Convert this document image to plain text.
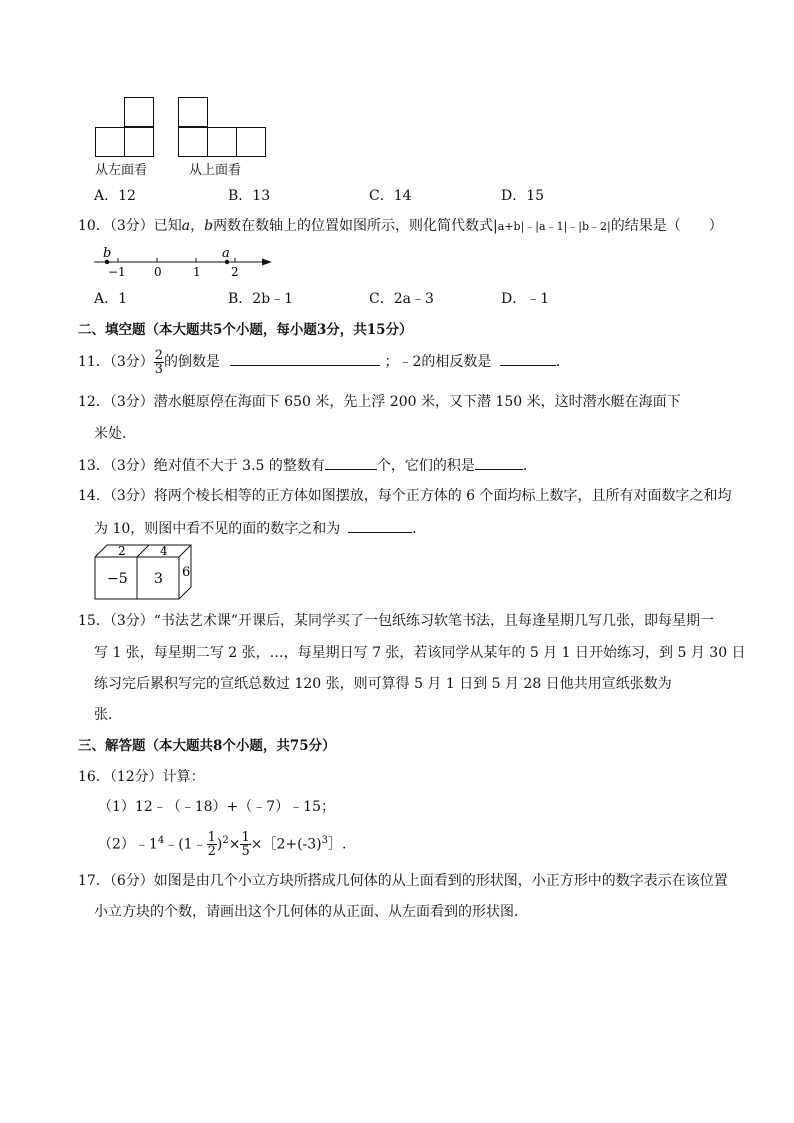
从左面看	从上面看
A．12	B．13	C．14	D．15
10．（3分）已知a，b两数在数轴上的位置如图所示，则化简代数式|a+b|﹣|a﹣1|﹣|b﹣2|的结果是（　　）
b	a
−1 0	1	2
A．1	B．2b﹣1	C．2a﹣3	D．﹣1
二、填空题（本大题共5个小题，每小题3分，共15分）
11．（3分） $\frac{2}{3}$ 的倒数是	；﹣2的相反数是	．
12．（3分）潜水艇原停在海面下 650 米，先上浮 200 米，又下潜 150 米，这时潜水艇在海面下
米处．
13．（3分）绝对值不大于 3.5 的整数有	个，它们的积是	．
14．（3分）将两个棱长相等的正方体如图摆放，每个正方体的 6 个面均标上数字，且所有对面数字之和均
为 10，则图中看不见的面的数字之和为	．
2	4
−5 3 6
15．（3分）“书法艺术课”开课后，某同学买了一包纸练习软笔书法，且每逢星期几写几张，即每星期一
写 1 张，每星期二写 2 张，…，每星期日写 7 张，若该同学从某年的 5 月 1 日开始练习，到 5 月 30 日
练习完后累积写完的宣纸总数过 120 张，则可算得 5 月 1 日到 5 月 28 日他共用宣纸张数为
张．
三、解答题（本大题共8个小题，共75分）
16．（12分）计算：
（1）12﹣（﹣18）+（﹣7）﹣15；
$(2)﹣1^4﹣(1﹣ \frac{1}{2} )^2\times \frac{1}{5}$ $\times[2+(-3)^3]$.
17．（6分）如图是由几个小立方块所搭成几何体的从上面看到的形状图，小正方形中的数字表示在该位置
小立方块的个数，请画出这个几何体的从正面、从左面看到的形状图．
